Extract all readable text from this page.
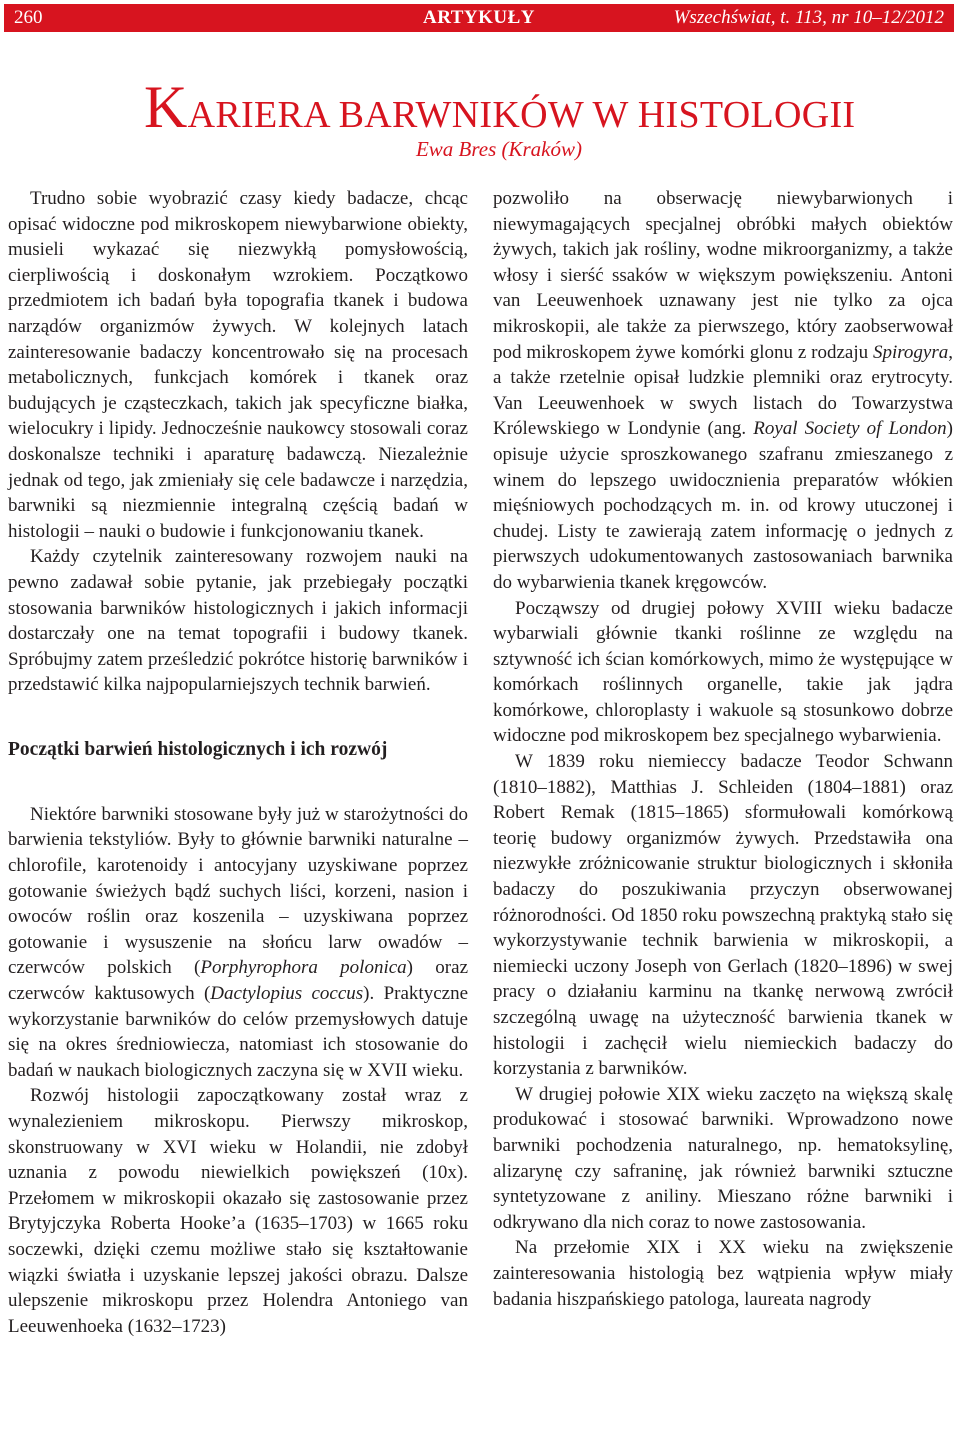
260	ARTYKUŁY	Wszechświat, t. 113, nr 10–12/2012
KARIERA BARWNIKÓW W HISTOLOGII
Ewa Bres (Kraków)

Trudno sobie wyobrazić czasy kiedy badacze, chcąc opisać widoczne pod mikroskopem niewybarwione obiekty, musieli wykazać się niezwykłą pomysłowością, cierpliwością i doskonałym wzrokiem. Początkowo przedmiotem ich badań była topografia tkanek i budowa narządów organizmów żywych. W kolejnych latach zainteresowanie badaczy koncentrowało się na procesach metabolicznych, funkcjach komórek i tkanek oraz budujących je cząsteczkach, takich jak specyficzne białka, wielocukry i lipidy. Jednocześnie naukowcy stosowali coraz doskonalsze techniki i aparaturę badawczą. Niezależnie jednak od tego, jak zmieniały się cele badawcze i narzędzia, barwniki są niezmiennie integralną częścią badań w histologii – nauki o budowie i funkcjonowaniu tkanek.

Każdy czytelnik zainteresowany rozwojem nauki na pewno zadawał sobie pytanie, jak przebiegały początki stosowania barwników histologicznych i jakich informacji dostarczały one na temat topografii i budowy tkanek. Spróbujmy zatem prześledzić pokrótce historię barwników i przedstawić kilka najpopularniejszych technik barwień.

Początki barwień histologicznych i ich rozwój

Niektóre barwniki stosowane były już w starożytności do barwienia tekstyliów. Były to głównie barwniki naturalne – chlorofile, karotenoidy i antocyjany uzyskiwane poprzez gotowanie świeżych bądź suchych liści, korzeni, nasion i owoców roślin oraz koszenila – uzyskiwana poprzez gotowanie i wysuszenie na słońcu larw owadów – czerwców polskich (Porphyrophora polonica) oraz czerwców kaktusowych (Dactylopius coccus). Praktyczne wykorzystanie barwników do celów przemysłowych datuje się na okres średniowiecza, natomiast ich stosowanie do badań w naukach biologicznych zaczyna się w XVII wieku.

Rozwój histologii zapoczątkowany został wraz z wynalezieniem mikroskopu. Pierwszy mikroskop, skonstruowany w XVI wieku w Holandii, nie zdobył uznania z powodu niewielkich powiększeń (10x). Przełomem w mikroskopii okazało się zastosowanie przez Brytyjczyka Roberta Hooke’a (1635–1703) w 1665 roku soczewki, dzięki czemu możliwe stało się kształtowanie wiązki światła i uzyskanie lepszej jakości obrazu. Dalsze ulepszenie mikroskopu przez Holendra Antoniego van Leeuwenhoeka (1632–1723)

pozwoliło na obserwację niewybarwionych i niewymagających specjalnej obróbki małych obiektów żywych, takich jak rośliny, wodne mikroorganizmy, a także włosy i sierść ssaków w większym powiększeniu. Antoni van Leeuwenhoek uznawany jest nie tylko za ojca mikroskopii, ale także za pierwszego, który zaobserwował pod mikroskopem żywe komórki glonu z rodzaju Spirogyra, a także rzetelnie opisał ludzkie plemniki oraz erytrocyty. Van Leeuwenhoek w swych listach do Towarzystwa Królewskiego w Londynie (ang. Royal Society of London) opisuje użycie sproszkowanego szafranu zmieszanego z winem do lepszego uwidocznienia preparatów włókien mięśniowych pochodzących m. in. od krowy utuczonej i chudej. Listy te zawierają zatem informację o jednych z pierwszych udokumentowanych zastosowaniach barwnika do wybarwienia tkanek kręgowców.

Począwszy od drugiej połowy XVIII wieku badacze wybarwiali głównie tkanki roślinne ze względu na sztywność ich ścian komórkowych, mimo że występujące w komórkach roślinnych organelle, takie jak jądra komórkowe, chloroplasty i wakuole są stosunkowo dobrze widoczne pod mikroskopem bez specjalnego wybarwienia.

W 1839 roku niemieccy badacze Teodor Schwann (1810–1882), Matthias J. Schleiden (1804–1881) oraz Robert Remak (1815–1865) sformułowali komórkową teorię budowy organizmów żywych. Przedstawiła ona niezwykłe zróżnicowanie struktur biologicznych i skłoniła badaczy do poszukiwania przyczyn obserwowanej różnorodności. Od 1850 roku powszechną praktyką stało się wykorzystywanie technik barwienia w mikroskopii, a niemiecki uczony Joseph von Gerlach (1820–1896) w swej pracy o działaniu karminu na tkankę nerwową zwrócił szczególną uwagę na użyteczność barwienia tkanek w histologii i zachęcił wielu niemieckich badaczy do korzystania z barwników.

W drugiej połowie XIX wieku zaczęto na większą skalę produkować i stosować barwniki. Wprowadzono nowe barwniki pochodzenia naturalnego, np. hematoksylinę, alizarynę czy safraninę, jak również barwniki sztuczne syntetyzowane z aniliny. Mieszano różne barwniki i odkrywano dla nich coraz to nowe zastosowania.

Na przełomie XIX i XX wieku na zwiększenie zainteresowania histologią bez wątpienia wpływ miały badania hiszpańskiego patologa, laureata nagrody
